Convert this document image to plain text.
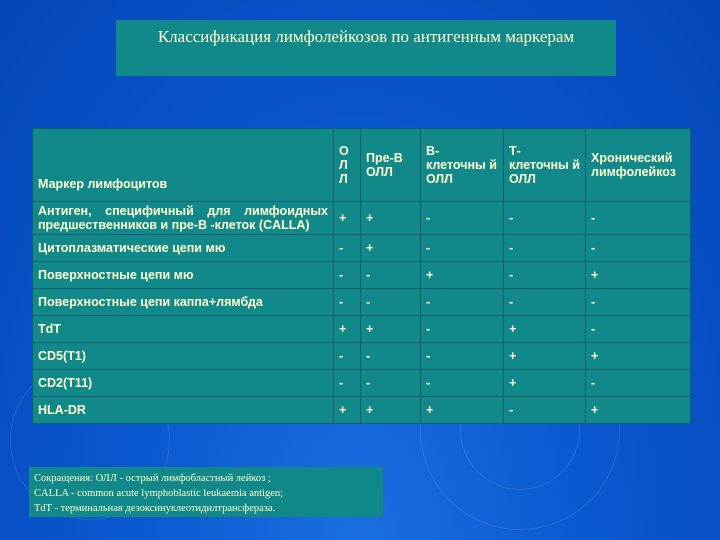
Классификация лимфолейкозов по антигенным маркерам
Маркер лимфоцитов	О Л Л	Пре-В ОЛЛ	В-клеточны й ОЛЛ	Т-клеточны й ОЛЛ	Хронический лимфолейкоз
Антиген, специфичный для лимфоидных предшественников и пре-В -клеток (CALLA)	+	+	-	-	-
Цитоплазматические цепи мю	-	+	-	-	-
Поверхностные цепи мю	-	-	+	-	+
Поверхностные цепи каппа+лямбда	-	-	-	-	-
TdT	+	+	-	+	-
CD5(T1)	-	-	-	+	+
CD2(T11)	-	-	-	+	-
HLA-DR	+	+	+	-	+
Сокращения: ОЛЛ - острый лимфобластный лейкоз ;
CALLA - common acute lymphoblastic leukaemia antigen;
TdT - терминальная дезоксинуклеотидилтрансфераза.
